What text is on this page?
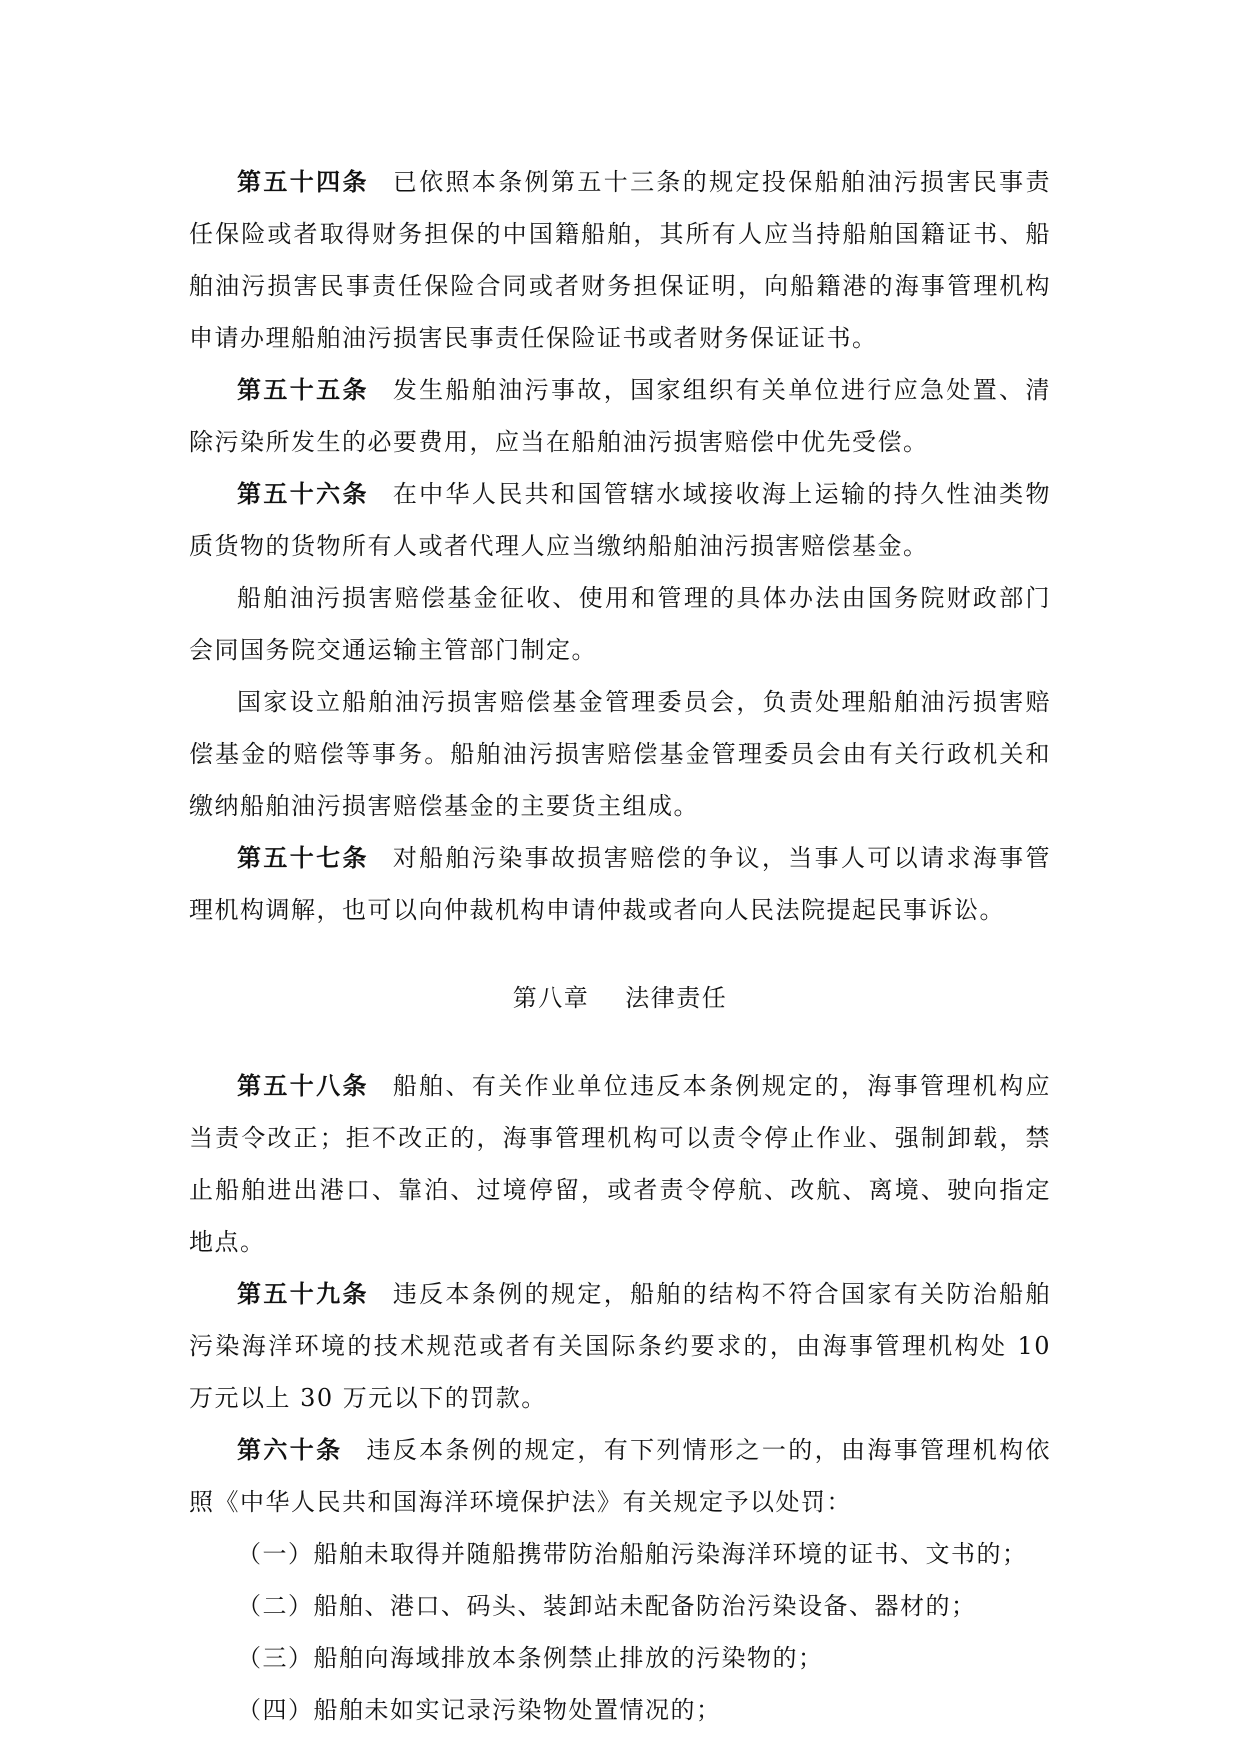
第五十四条 已依照本条例第五十三条的规定投保船舶油污损害民事责任保险或者取得财务担保的中国籍船舶，其所有人应当持船舶国籍证书、船舶油污损害民事责任保险合同或者财务担保证明，向船籍港的海事管理机构申请办理船舶油污损害民事责任保险证书或者财务保证证书。

第五十五条 发生船舶油污事故，国家组织有关单位进行应急处置、清除污染所发生的必要费用，应当在船舶油污损害赔偿中优先受偿。

第五十六条 在中华人民共和国管辖水域接收海上运输的持久性油类物质货物的货物所有人或者代理人应当缴纳船舶油污损害赔偿基金。

船舶油污损害赔偿基金征收、使用和管理的具体办法由国务院财政部门会同国务院交通运输主管部门制定。

国家设立船舶油污损害赔偿基金管理委员会，负责处理船舶油污损害赔偿基金的赔偿等事务。船舶油污损害赔偿基金管理委员会由有关行政机关和缴纳船舶油污损害赔偿基金的主要货主组成。

第五十七条 对船舶污染事故损害赔偿的争议，当事人可以请求海事管理机构调解，也可以向仲裁机构申请仲裁或者向人民法院提起民事诉讼。

第八章 法律责任

第五十八条 船舶、有关作业单位违反本条例规定的，海事管理机构应当责令改正；拒不改正的，海事管理机构可以责令停止作业、强制卸载，禁止船舶进出港口、靠泊、过境停留，或者责令停航、改航、离境、驶向指定地点。

第五十九条 违反本条例的规定，船舶的结构不符合国家有关防治船舶污染海洋环境的技术规范或者有关国际条约要求的，由海事管理机构处 10 万元以上 30 万元以下的罚款。

第六十条 违反本条例的规定，有下列情形之一的，由海事管理机构依照《中华人民共和国海洋环境保护法》有关规定予以处罚：

（一）船舶未取得并随船携带防治船舶污染海洋环境的证书、文书的；

（二）船舶、港口、码头、装卸站未配备防治污染设备、器材的；

（三）船舶向海域排放本条例禁止排放的污染物的；

（四）船舶未如实记录污染物处置情况的；
